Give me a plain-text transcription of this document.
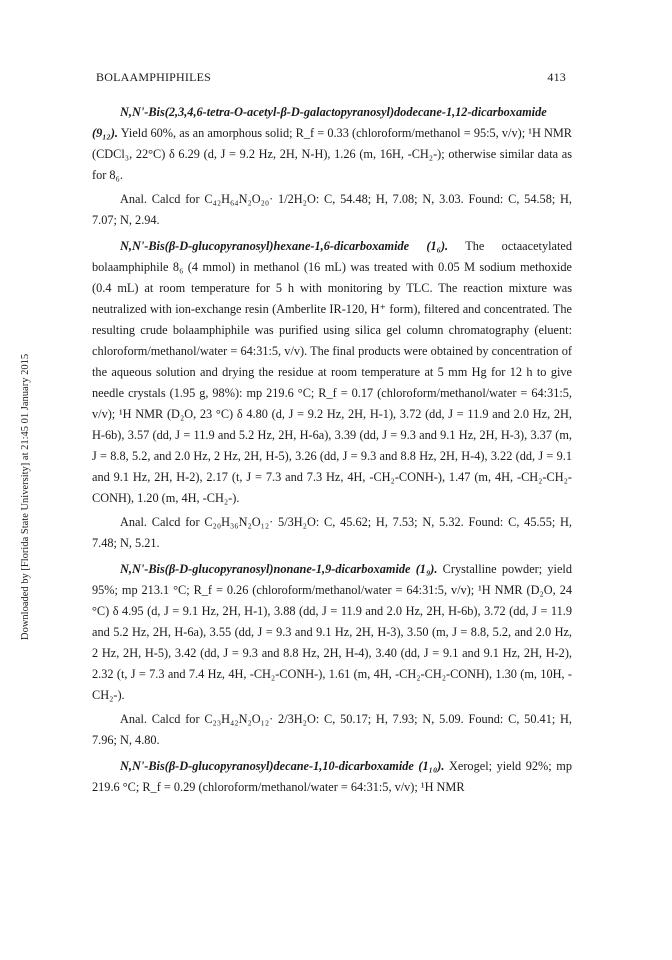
Downloaded by [Florida State University] at 21:45 01 January 2015
BOLAAMPHIPHILES	413

N,N'-Bis(2,3,4,6-tetra-O-acetyl-β-D-galactopyranosyl)dodecane-1,12-dicarboxamide (9₁₂). Yield 60%, as an amorphous solid; R_f = 0.33 (chloroform/methanol = 95:5, v/v); ¹H NMR (CDCl₃, 22°C) δ 6.29 (d, J = 9.2 Hz, 2H, N-H), 1.26 (m, 16H, -CH₂-); otherwise similar data as for 8₆.

Anal. Calcd for C₄₂H₆₄N₂O₂₀· 1/2H₂O: C, 54.48; H, 7.08; N, 3.03. Found: C, 54.58; H, 7.07; N, 2.94.

N,N'-Bis(β-D-glucopyranosyl)hexane-1,6-dicarboxamide (1₆). The octaacetylated bolaamphiphile 8₆ (4 mmol) in methanol (16 mL) was treated with 0.05 M sodium methoxide (0.4 mL) at room temperature for 5 h with monitoring by TLC. The reaction mixture was neutralized with ion-exchange resin (Amberlite IR-120, H⁺ form), filtered and concentrated. The resulting crude bolaamphiphile was purified using silica gel column chromatography (eluent: chloroform/methanol/water = 64:31:5, v/v). The final products were obtained by concentration of the aqueous solution and drying the residue at room temperature at 5 mm Hg for 12 h to give needle crystals (1.95 g, 98%): mp 219.6 °C; R_f = 0.17 (chloroform/methanol/water = 64:31:5, v/v); ¹H NMR (D₂O, 23 °C) δ 4.80 (d, J = 9.2 Hz, 2H, H-1), 3.72 (dd, J = 11.9 and 2.0 Hz, 2H, H-6b), 3.57 (dd, J = 11.9 and 5.2 Hz, 2H, H-6a), 3.39 (dd, J = 9.3 and 9.1 Hz, 2H, H-3), 3.37 (m, J = 8.8, 5.2, and 2.0 Hz, 2 Hz, 2H, H-5), 3.26 (dd, J = 9.3 and 8.8 Hz, 2H, H-4), 3.22 (dd, J = 9.1 and 9.1 Hz, 2H, H-2), 2.17 (t, J = 7.3 and 7.3 Hz, 4H, -CH₂-CONH-), 1.47 (m, 4H, -CH₂-CH₂-CONH), 1.20 (m, 4H, -CH₂-).

Anal. Calcd for C₂₀H₃₆N₂O₁₂· 5/3H₂O: C, 45.62; H, 7.53; N, 5.32. Found: C, 45.55; H, 7.48; N, 5.21.

N,N'-Bis(β-D-glucopyranosyl)nonane-1,9-dicarboxamide (1₉). Crystalline powder; yield 95%; mp 213.1 °C; R_f = 0.26 (chloroform/methanol/water = 64:31:5, v/v); ¹H NMR (D₂O, 24 °C) δ 4.95 (d, J = 9.1 Hz, 2H, H-1), 3.88 (dd, J = 11.9 and 2.0 Hz, 2H, H-6b), 3.72 (dd, J = 11.9 and 5.2 Hz, 2H, H-6a), 3.55 (dd, J = 9.3 and 9.1 Hz, 2H, H-3), 3.50 (m, J = 8.8, 5.2, and 2.0 Hz, 2 Hz, 2H, H-5), 3.42 (dd, J = 9.3 and 8.8 Hz, 2H, H-4), 3.40 (dd, J = 9.1 and 9.1 Hz, 2H, H-2), 2.32 (t, J = 7.3 and 7.4 Hz, 4H, -CH₂-CONH-), 1.61 (m, 4H, -CH₂-CH₂-CONH), 1.30 (m, 10H, -CH₂-).

Anal. Calcd for C₂₃H₄₂N₂O₁₂· 2/3H₂O: C, 50.17; H, 7.93; N, 5.09. Found: C, 50.41; H, 7.96; N, 4.80.

N,N'-Bis(β-D-glucopyranosyl)decane-1,10-dicarboxamide (1₁₀). Xerogel; yield 92%; mp 219.6 °C; R_f = 0.29 (chloroform/methanol/water = 64:31:5, v/v); ¹H NMR
